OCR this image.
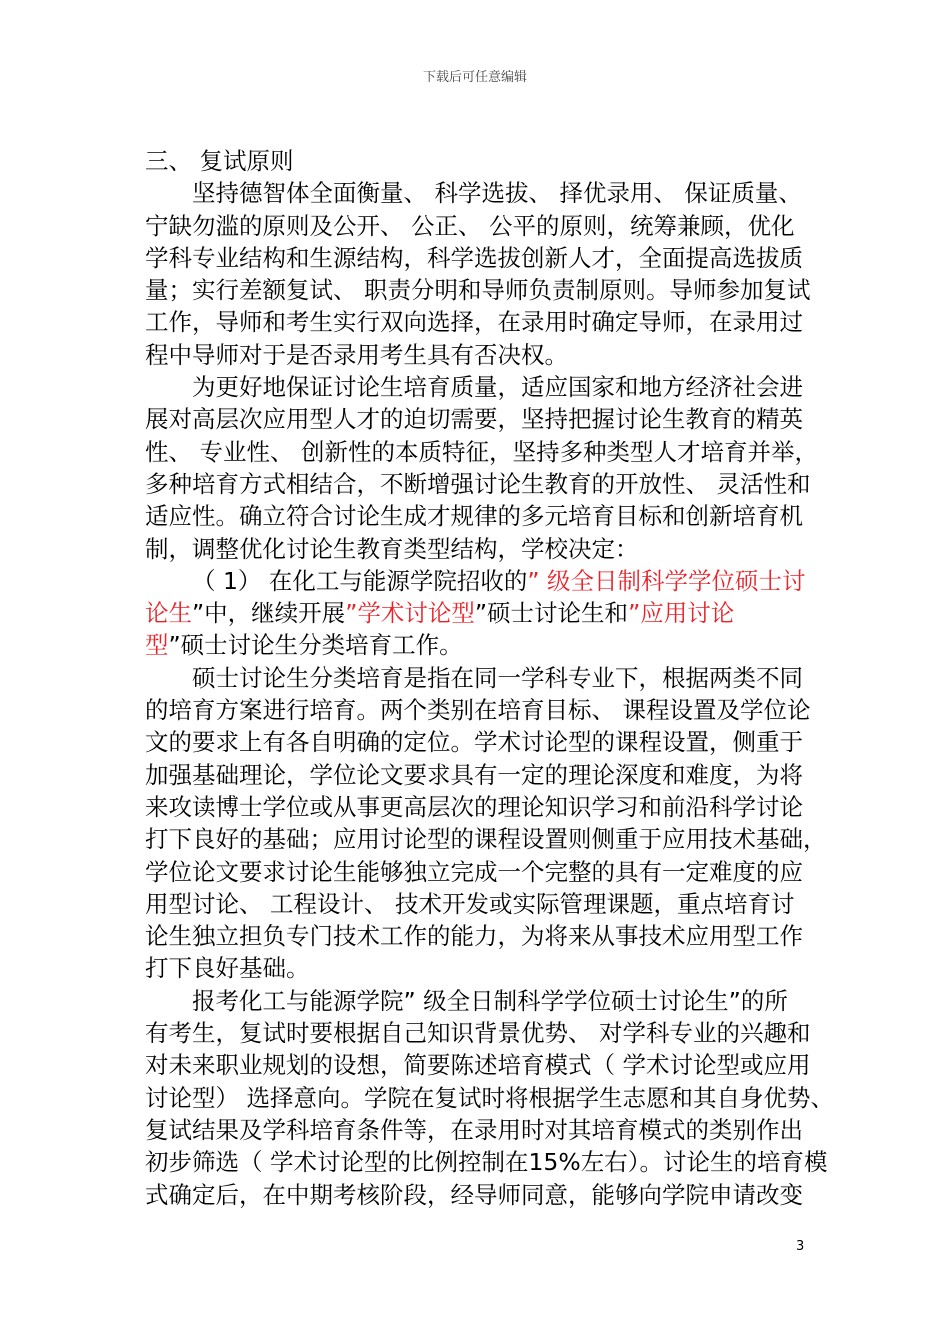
下载后可任意编辑
三、 复试原则
坚持德智体全面衡量、 科学选拔、 择优录用、 保证质量、
宁缺勿滥的原则及公开、 公正、 公平的原则，统筹兼顾，优化
学科专业结构和生源结构，科学选拔创新人才，全面提高选拔质
量；实行差额复试、 职责分明和导师负责制原则。导师参加复试
工作，导师和考生实行双向选择，在录用时确定导师，在录用过
程中导师对于是否录用考生具有否决权。
为更好地保证讨论生培育质量，适应国家和地方经济社会进
展对高层次应用型人才的迫切需要，坚持把握讨论生教育的精英
性、 专业性、 创新性的本质特征，坚持多种类型人才培育并举，
多种培育方式相结合，不断增强讨论生教育的开放性、 灵活性和
适应性。确立符合讨论生成才规律的多元培育目标和创新培育机
制，调整优化讨论生教育类型结构，学校决定：
（ 1） 在化工与能源学院招收的” 级全日制科学学位硕士讨
论生”中，继续开展”学术讨论型”硕士讨论生和”应用讨论
型”硕士讨论生分类培育工作。
硕士讨论生分类培育是指在同一学科专业下，根据两类不同
的培育方案进行培育。两个类别在培育目标、 课程设置及学位论
文的要求上有各自明确的定位。学术讨论型的课程设置，侧重于
加强基础理论，学位论文要求具有一定的理论深度和难度，为将
来攻读博士学位或从事更高层次的理论知识学习和前沿科学讨论
打下良好的基础；应用讨论型的课程设置则侧重于应用技术基础，
学位论文要求讨论生能够独立完成一个完整的具有一定难度的应
用型讨论、 工程设计、 技术开发或实际管理课题，重点培育讨
论生独立担负专门技术工作的能力，为将来从事技术应用型工作
打下良好基础。
报考化工与能源学院” 级全日制科学学位硕士讨论生”的所
有考生，复试时要根据自己知识背景优势、 对学科专业的兴趣和
对未来职业规划的设想，简要陈述培育模式（ 学术讨论型或应用
讨论型） 选择意向。学院在复试时将根据学生志愿和其自身优势、
复试结果及学科培育条件等，在录用时对其培育模式的类别作出
初步筛选（ 学术讨论型的比例控制在15%左右）。讨论生的培育模
式确定后，在中期考核阶段，经导师同意，能够向学院申请改变
3
